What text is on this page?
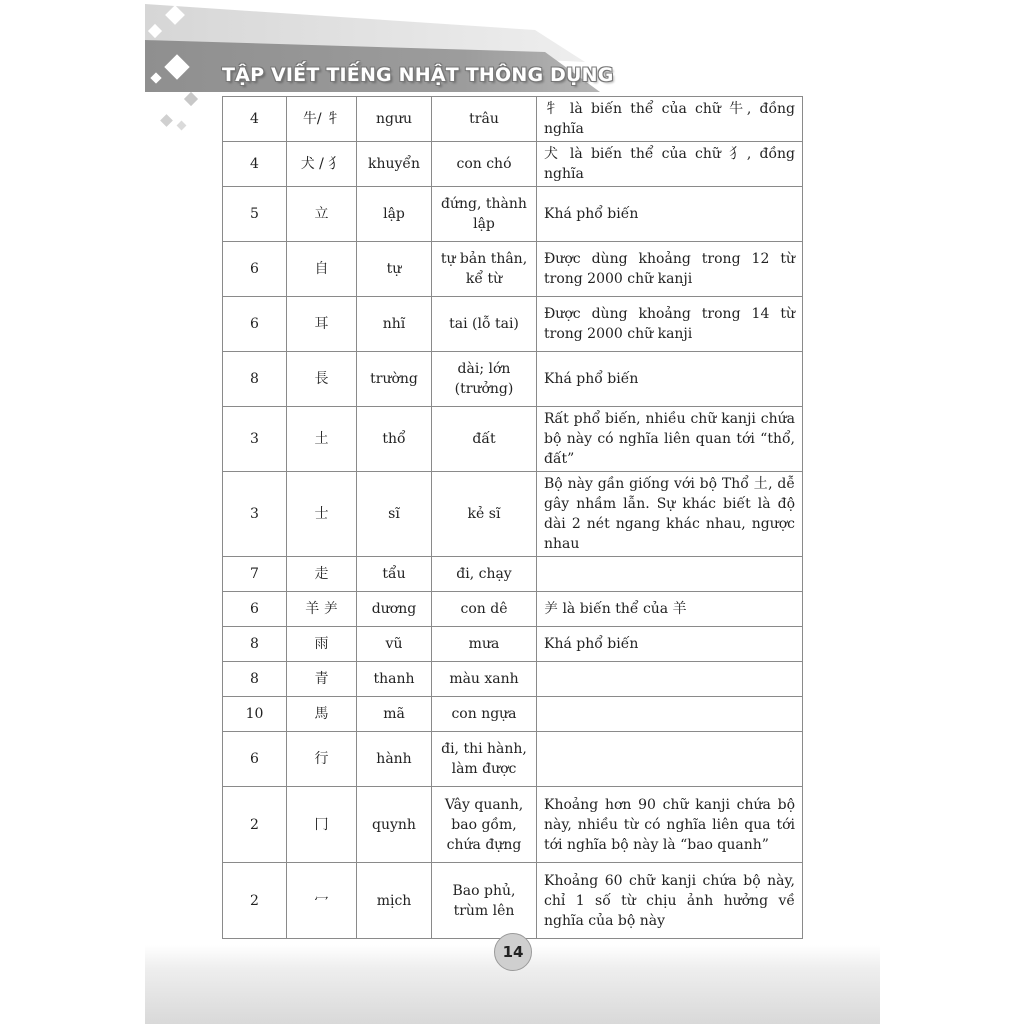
TẬP VIẾT TIẾNG NHẬT THÔNG DỤNG
4	牛/ 牜	ngưu	trâu	牜 là biến thể của chữ 牛, đồng nghĩa
4	犬 / 犭	khuyển	con chó	犬 là biến thể của chữ 犭, đồng nghĩa
5	立	lập	đứng, thành lập	Khá phổ biến
6	自	tự	tự bản thân, kể từ	Được dùng khoảng trong 12 từ trong 2000 chữ kanji
6	耳	nhĩ	tai (lỗ tai)	Được dùng khoảng trong 14 từ trong 2000 chữ kanji
8	長	trường	dài; lớn (trưởng)	Khá phổ biến
3	土	thổ	đất	Rất phổ biến, nhiều chữ kanji chứa bộ này có nghĩa liên quan tới “thổ, đất”
3	士	sĩ	kẻ sĩ	Bộ này gần giống với bộ Thổ 土, dễ gây nhầm lẫn. Sự khác biết là độ dài 2 nét ngang khác nhau, ngược nhau
7	走	tẩu	đi, chạy	
6	羊 ⺶	dương	con dê	⺶ là biến thể của 羊
8	雨	vũ	mưa	Khá phổ biến
8	青	thanh	màu xanh	
10	馬	mã	con ngựa	
6	行	hành	đi, thi hành, làm được	
2	冂	quynh	Vây quanh, bao gồm, chứa đựng	Khoảng hơn 90 chữ kanji chứa bộ này, nhiều từ có nghĩa liên qua tới tới nghĩa bộ này là “bao quanh”
2	冖	mịch	Bao phủ, trùm lên	Khoảng 60 chữ kanji chứa bộ này, chỉ 1 số từ chịu ảnh hưởng về nghĩa của bộ này
14
